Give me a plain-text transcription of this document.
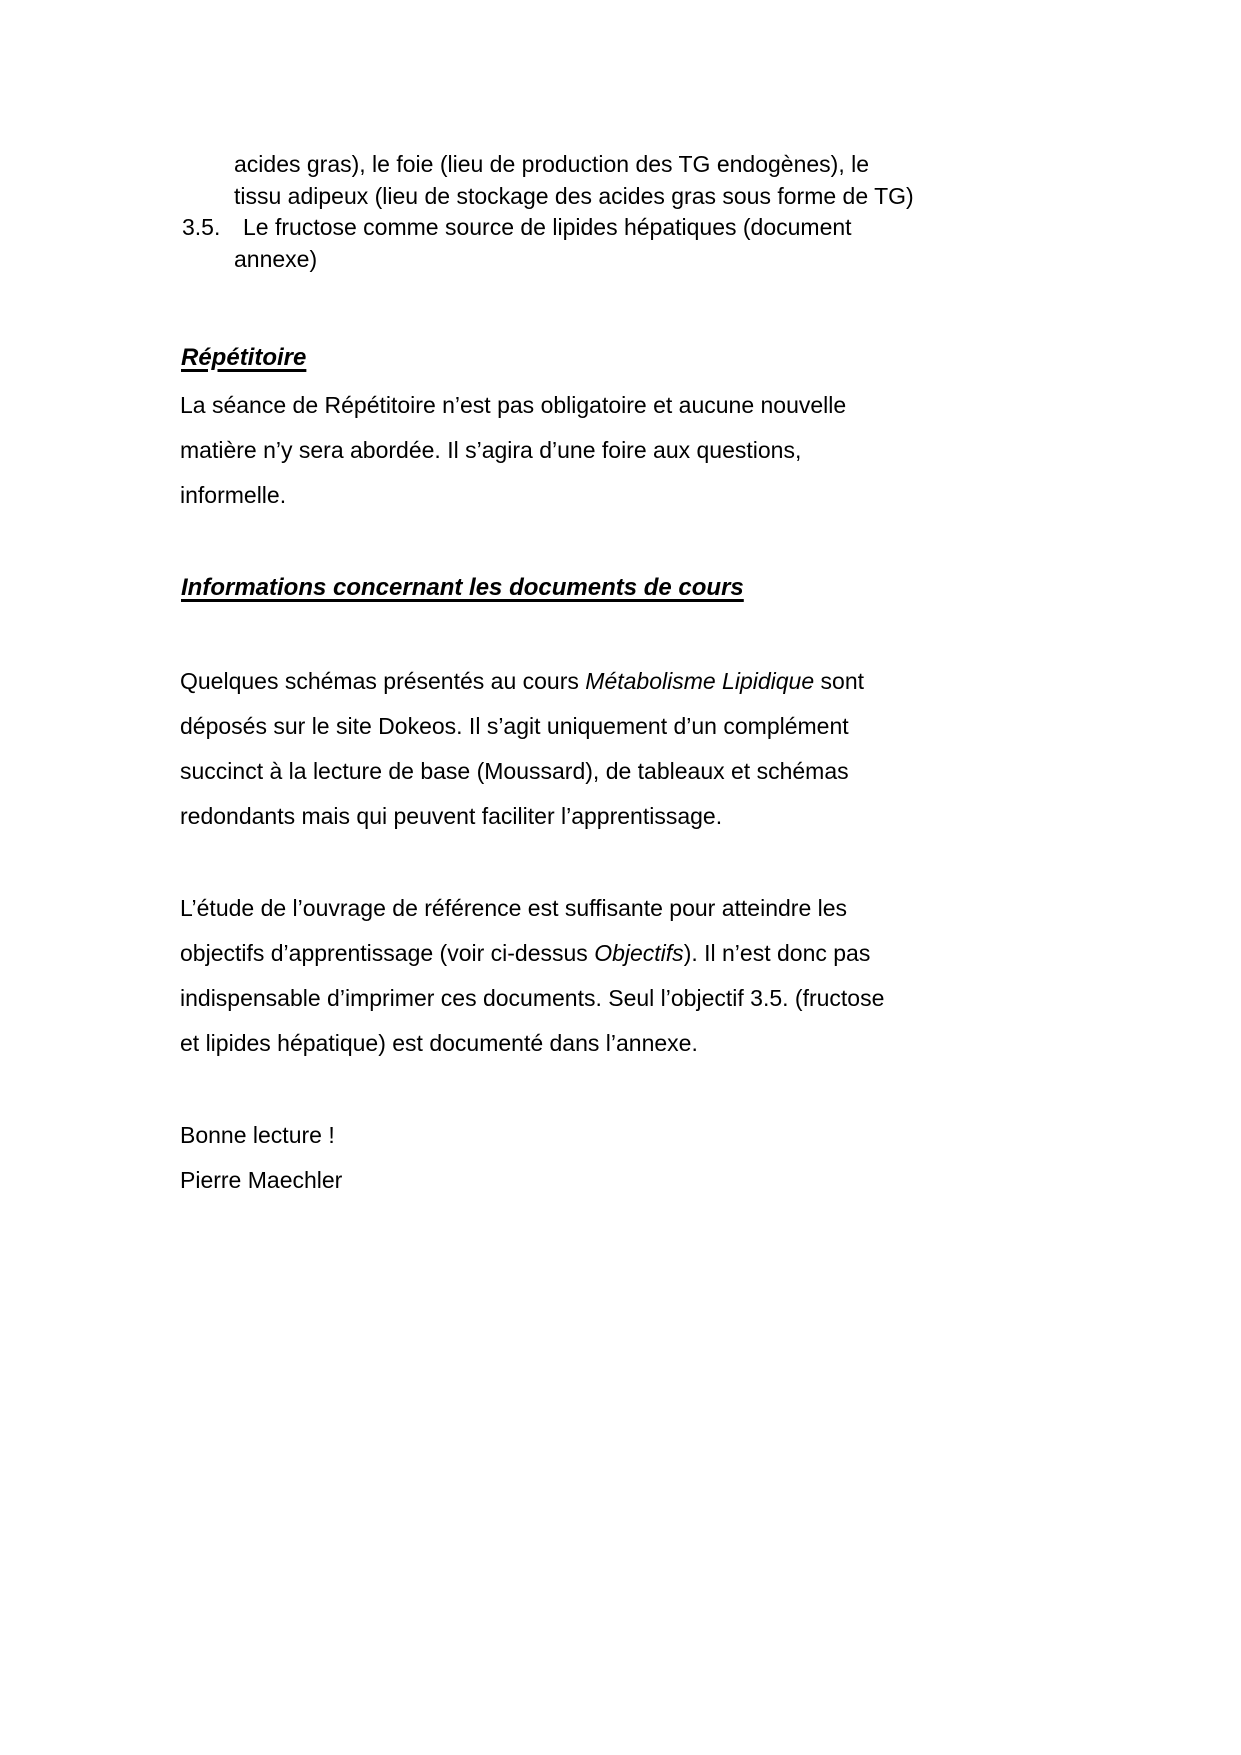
acides gras), le foie (lieu de production des TG endogènes), le
tissu adipeux (lieu de stockage des acides gras sous forme de TG)
3.5. Le fructose comme source de lipides hépatiques (document
annexe)
Répétitoire
La séance de Répétitoire n’est pas obligatoire et aucune nouvelle
matière n’y sera abordée. Il s’agira d’une foire aux questions,
informelle.
Informations concernant les documents de cours
Quelques schémas présentés au cours Métabolisme Lipidique sont
déposés sur le site Dokeos. Il s’agit uniquement d’un complément
succinct à la lecture de base (Moussard), de tableaux et schémas
redondants mais qui peuvent faciliter l’apprentissage.
L’étude de l’ouvrage de référence est suffisante pour atteindre les
objectifs d’apprentissage (voir ci-dessus Objectifs). Il n’est donc pas
indispensable d’imprimer ces documents. Seul l’objectif 3.5. (fructose
et lipides hépatique) est documenté dans l’annexe.
Bonne lecture !
Pierre Maechler
